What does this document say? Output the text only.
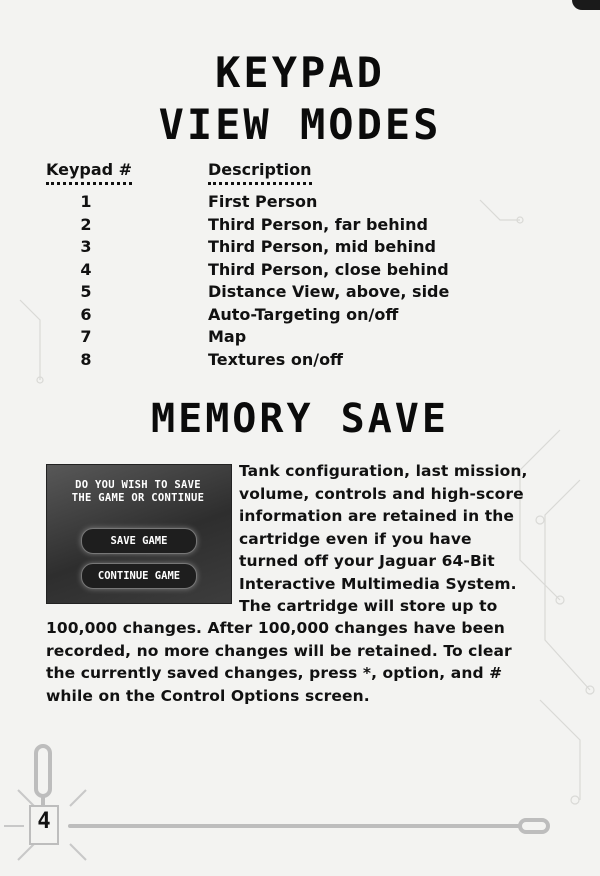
KEYPAD
VIEW MODES
Keypad #	Description
1	First Person
2	Third Person, far behind
3	Third Person, mid behind
4	Third Person, close behind
5	Distance View, above, side
6	Auto-Targeting on/off
7	Map
8	Textures on/off
MEMORY SAVE
DO YOU WISH TO SAVE
THE GAME OR CONTINUE
SAVE GAME
CONTINUE GAME
Tank configuration, last mission,
volume, controls and high-score
information are retained in the
cartridge even if you have
turned off your Jaguar 64-Bit
Interactive Multimedia System.
The cartridge will store up to
100,000 changes. After 100,000 changes have been
recorded, no more changes will be retained. To clear
the currently saved changes, press *, option, and #
while on the Control Options screen.
4
